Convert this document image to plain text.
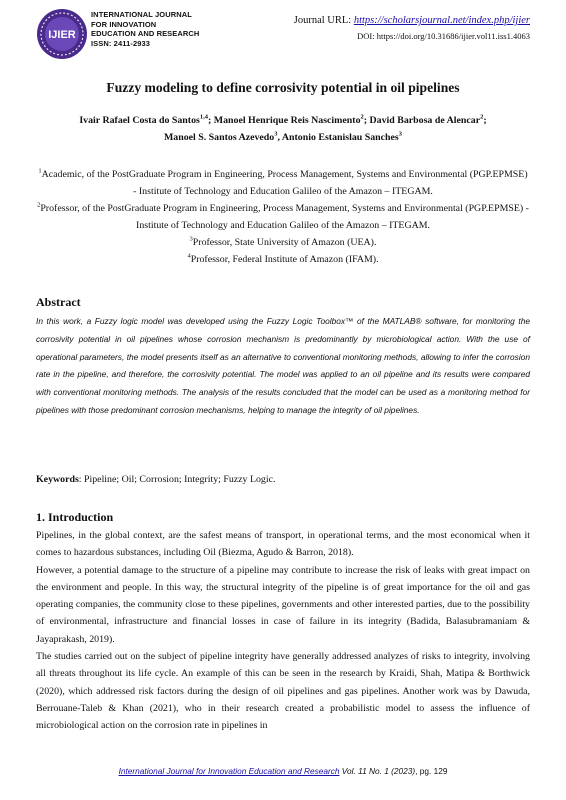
IJIER
INTERNATIONAL JOURNAL
FOR INNOVATION
EDUCATION AND RESEARCH
ISSN: 2411-2933
Journal URL: https://scholarsjournal.net/index.php/ijier
DOI: https://doi.org/10.31686/ijier.vol11.iss1.4063
Fuzzy modeling to define corrosivity potential in oil pipelines
Ivair Rafael Costa do Santos$^{1,4}$; Manoel Henrique Reis Nascimento$^2$; David Barbosa de Alencar$^2$;
Manoel S. Santos Azevedo$^3$, Antonio Estanislau Sanches$^3$
$^1$Academic, of the PostGraduate Program in Engineering, Process Management, Systems and Environmental (PGP.EPMSE) - Institute of Technology and Education Galileo of the Amazon – ITEGAM.
$^2$Professor, of the PostGraduate Program in Engineering, Process Management, Systems and Environmental (PGP.EPMSE) - Institute of Technology and Education Galileo of the Amazon – ITEGAM.
$^3$Professor, State University of Amazon (UEA).
$^4$Professor, Federal Institute of Amazon (IFAM).
Abstract
In this work, a Fuzzy logic model was developed using the Fuzzy Logic Toolbox™ of the MATLAB® software, for monitoring the corrosivity potential in oil pipelines whose corrosion mechanism is predominantly by microbiological action. With the use of operational parameters, the model presents itself as an alternative to conventional monitoring methods, allowing to infer the corrosion rate in the pipeline, and therefore, the corrosivity potential. The model was applied to an oil pipeline and its results were compared with conventional monitoring methods. The analysis of the results concluded that the model can be used as a monitoring method for pipelines with those predominant corrosion mechanisms, helping to manage the integrity of oil pipelines.
Keywords: Pipeline; Oil; Corrosion; Integrity; Fuzzy Logic.
1. Introduction

Pipelines, in the global context, are the safest means of transport, in operational terms, and the most economical when it comes to hazardous substances, including Oil (Biezma, Agudo & Barron, 2018).

However, a potential damage to the structure of a pipeline may contribute to increase the risk of leaks with great impact on the environment and people. In this way, the structural integrity of the pipeline is of great importance for the oil and gas operating companies, the community close to these pipelines, governments and other interested parties, due to the possibility of environmental, infrastructure and financial losses in case of failure in its integrity (Badida, Balasubramaniam & Jayaprakash, 2019).

The studies carried out on the subject of pipeline integrity have generally addressed analyzes of risks to integrity, involving all threats throughout its life cycle. An example of this can be seen in the research by Kraidi, Shah, Matipa & Borthwick (2020), which addressed risk factors during the design of oil pipelines and gas pipelines. Another work was by Dawuda, Berrouane-Taleb & Khan (2021), who in their research created a probabilistic model to assess the influence of microbiological action on the corrosion rate in pipelines in

International Journal for Innovation Education and Research Vol. 11 No. 1 (2023), pg. 129
